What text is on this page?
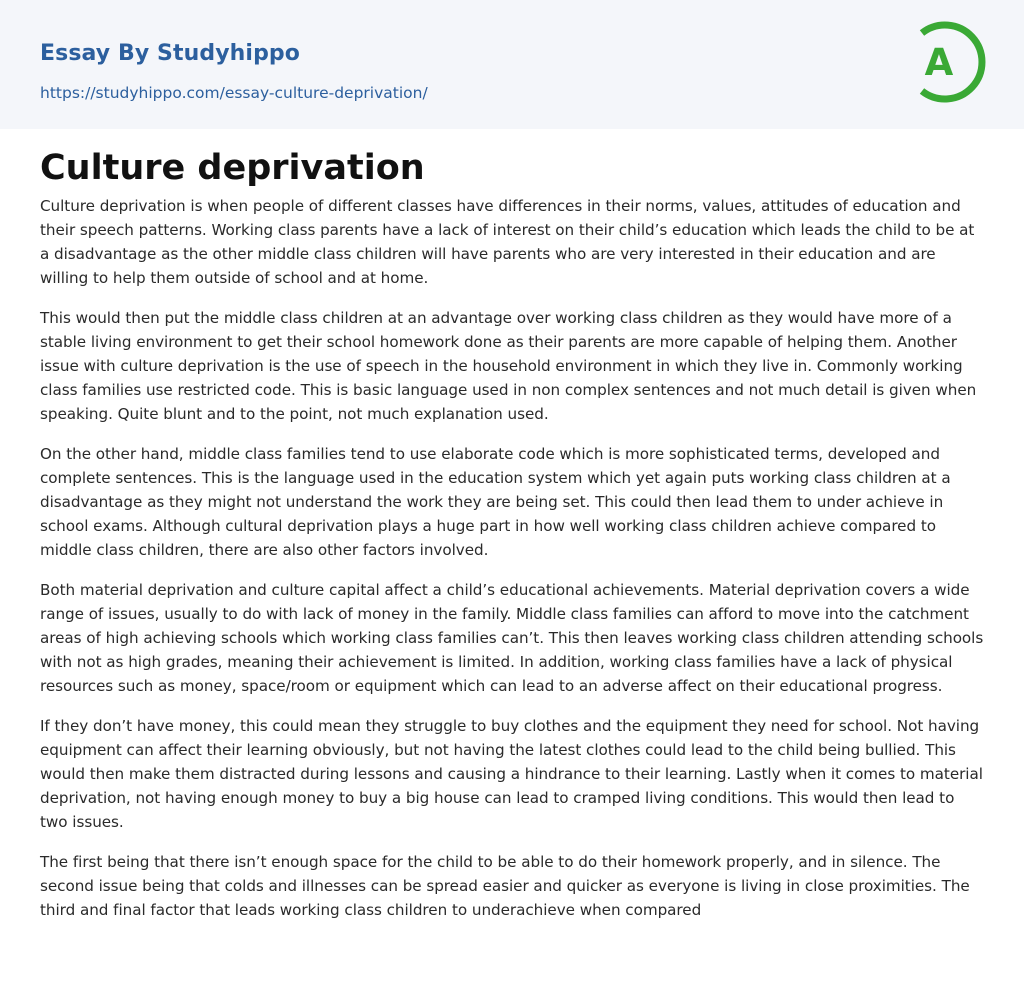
Essay By Studyhippo
https://studyhippo.com/essay-culture-deprivation/
A
Culture deprivation

Culture deprivation is when people of different classes have differences in their norms, values, attitudes of education and their speech patterns. Working class parents have a lack of interest on their child’s education which leads the child to be at a disadvantage as the other middle class children will have parents who are very interested in their education and are willing to help them outside of school and at home.

This would then put the middle class children at an advantage over working class children as they would have more of a stable living environment to get their school homework done as their parents are more capable of helping them. Another issue with culture deprivation is the use of speech in the household environment in which they live in. Commonly working class families use restricted code. This is basic language used in non complex sentences and not much detail is given when speaking. Quite blunt and to the point, not much explanation used.

On the other hand, middle class families tend to use elaborate code which is more sophisticated terms, developed and complete sentences. This is the language used in the education system which yet again puts working class children at a disadvantage as they might not understand the work they are being set. This could then lead them to under achieve in school exams. Although cultural deprivation plays a huge part in how well working class children achieve compared to middle class children, there are also other factors involved.

Both material deprivation and culture capital affect a child’s educational achievements. Material deprivation covers a wide range of issues, usually to do with lack of money in the family. Middle class families can afford to move into the catchment areas of high achieving schools which working class families can’t. This then leaves working class children attending schools with not as high grades, meaning their achievement is limited. In addition, working class families have a lack of physical resources such as money, space/room or equipment which can lead to an adverse affect on their educational progress.

If they don’t have money, this could mean they struggle to buy clothes and the equipment they need for school. Not having equipment can affect their learning obviously, but not having the latest clothes could lead to the child being bullied. This would then make them distracted during lessons and causing a hindrance to their learning. Lastly when it comes to material deprivation, not having enough money to buy a big house can lead to cramped living conditions. This would then lead to two issues.

The first being that there isn’t enough space for the child to be able to do their homework properly, and in silence. The second issue being that colds and illnesses can be spread easier and quicker as everyone is living in close proximities. The third and final factor that leads working class children to underachieve when compared
